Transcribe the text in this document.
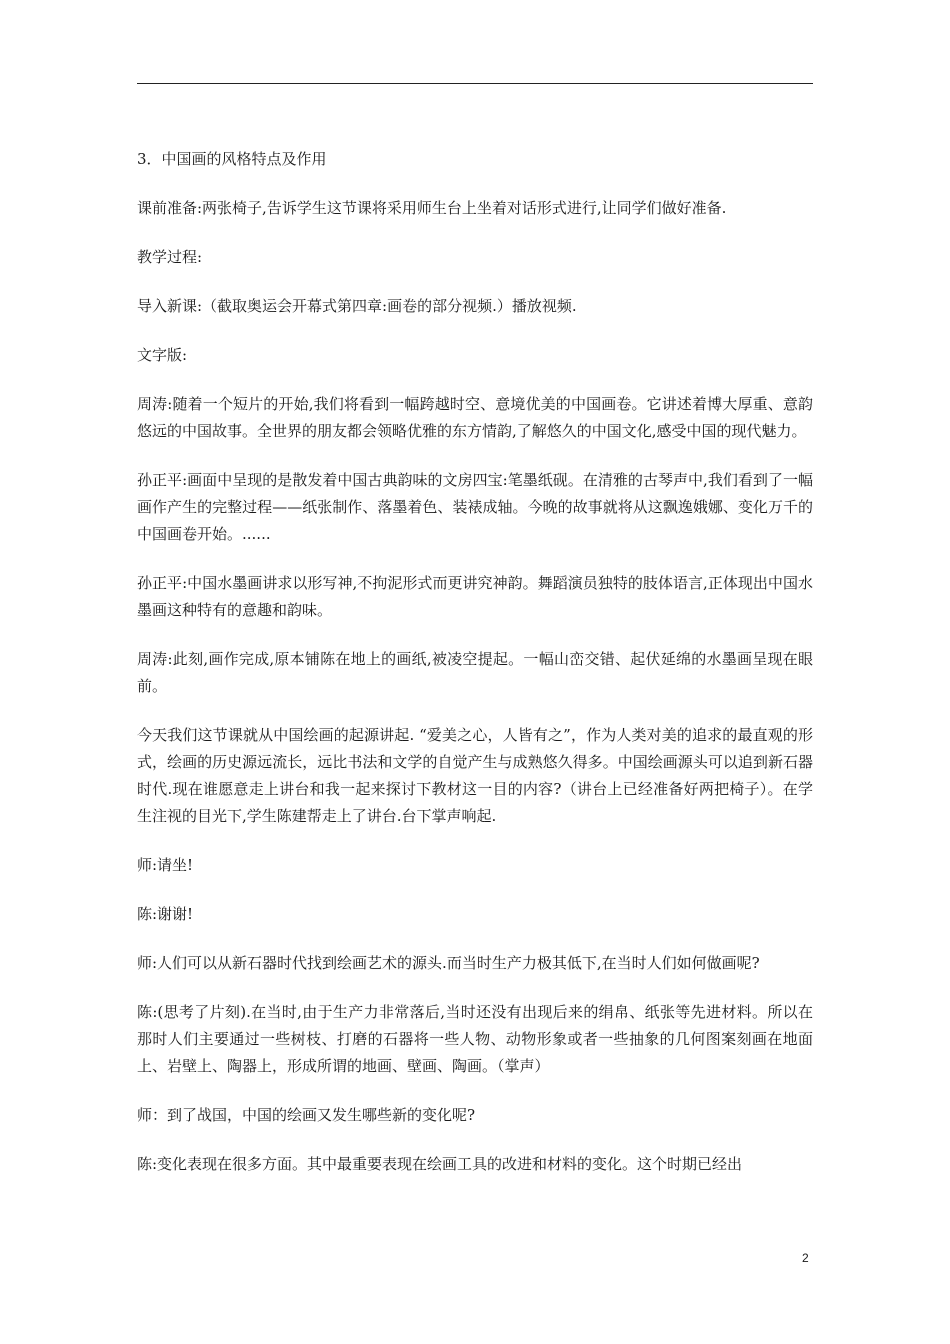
3．中国画的风格特点及作用

课前准备:两张椅子,告诉学生这节课将采用师生台上坐着对话形式进行,让同学们做好准备.

教学过程:

导入新课:（截取奥运会开幕式第四章:画卷的部分视频.）播放视频.

文字版:

周涛:随着一个短片的开始,我们将看到一幅跨越时空、意境优美的中国画卷。它讲述着博大厚重、意韵悠远的中国故事。全世界的朋友都会领略优雅的东方情韵,了解悠久的中国文化,感受中国的现代魅力。

孙正平:画面中呈现的是散发着中国古典韵味的文房四宝:笔墨纸砚。在清雅的古琴声中,我们看到了一幅画作产生的完整过程——纸张制作、落墨着色、装裱成轴。今晚的故事就将从这飘逸娥娜、变化万千的中国画卷开始。......

孙正平:中国水墨画讲求以形写神,不拘泥形式而更讲究神韵。舞蹈演员独特的肢体语言,正体现出中国水墨画这种特有的意趣和韵味。

周涛:此刻,画作完成,原本铺陈在地上的画纸,被凌空提起。一幅山峦交错、起伏延绵的水墨画呈现在眼前。

今天我们这节课就从中国绘画的起源讲起. “爱美之心，人皆有之”，作为人类对美的追求的最直观的形式，绘画的历史源远流长，远比书法和文学的自觉产生与成熟悠久得多。中国绘画源头可以追到新石器时代.现在谁愿意走上讲台和我一起来探讨下教材这一目的内容?（讲台上已经准备好两把椅子）。在学生注视的目光下,学生陈建帮走上了讲台.台下掌声响起.

师:请坐!

陈:谢谢!

师:人们可以从新石器时代找到绘画艺术的源头.而当时生产力极其低下,在当时人们如何做画呢?

陈:(思考了片刻).在当时,由于生产力非常落后,当时还没有出现后来的绢帛、纸张等先进材料。所以在那时人们主要通过一些树枝、打磨的石器将一些人物、动物形象或者一些抽象的几何图案刻画在地面上、岩壁上、陶器上，形成所谓的地画、壁画、陶画。（掌声）

师：到了战国，中国的绘画又发生哪些新的变化呢?

陈:变化表现在很多方面。其中最重要表现在绘画工具的改进和材料的变化。这个时期已经出

2
